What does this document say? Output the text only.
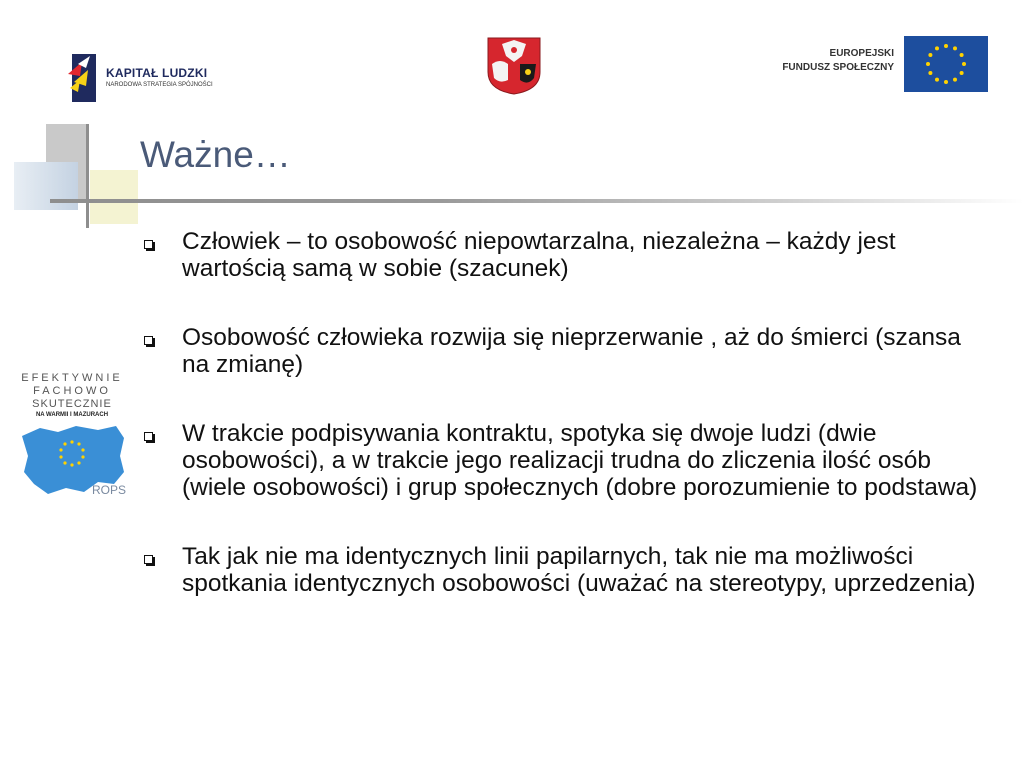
KAPITAŁ LUDZKI
NARODOWA STRATEGIA SPÓJNOŚCI
EUROPEJSKI
FUNDUSZ SPOŁECZNY
Ważne…
Człowiek – to osobowość niepowtarzalna, niezależna – każdy jest wartością samą w sobie (szacunek)
Osobowość człowieka rozwija się nieprzerwanie , aż do śmierci (szansa na zmianę)
W trakcie podpisywania kontraktu, spotyka się dwoje ludzi (dwie osobowości), a w trakcie jego realizacji trudna do zliczenia ilość osób (wiele osobowości) i grup społecznych (dobre porozumienie to podstawa)
Tak jak nie ma identycznych linii papilarnych, tak nie ma możliwości spotkania identycznych osobowości (uważać na stereotypy, uprzedzenia)
EFEKTYWNIE
FACHOWO
SKUTECZNIE
NA WARMII I MAZURACH
ROPS
